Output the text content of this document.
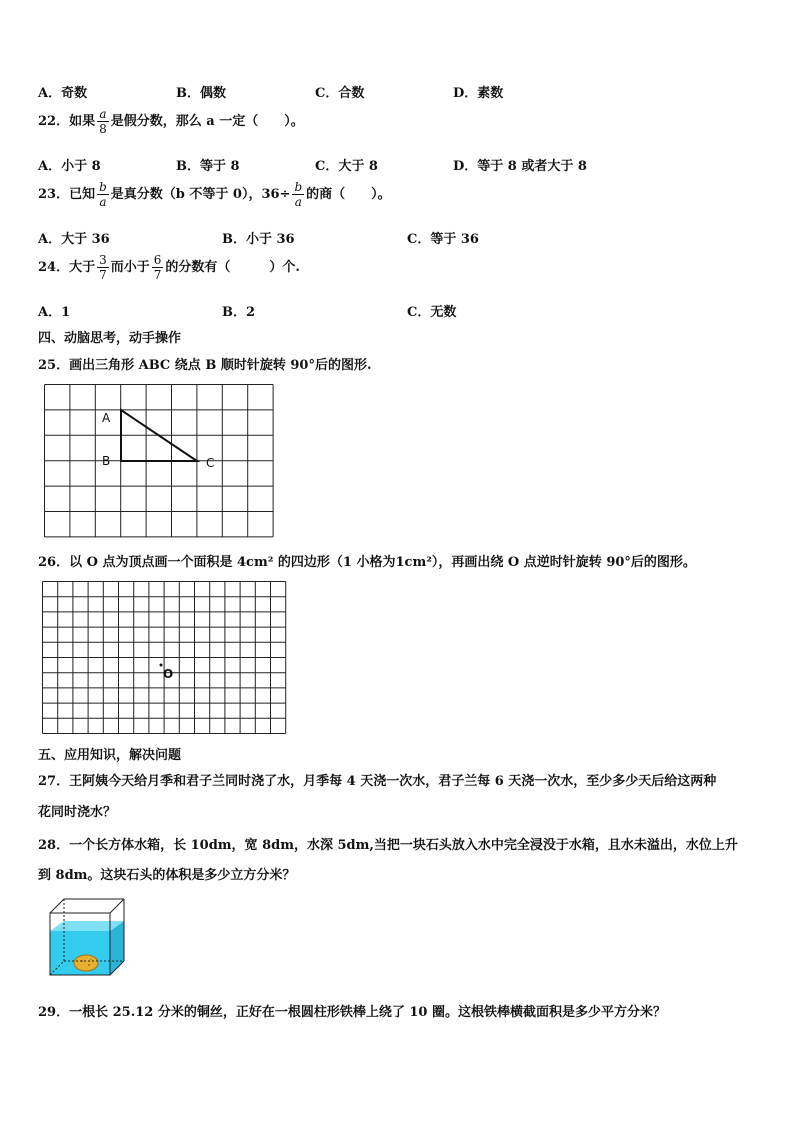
A．奇数	B．偶数	C．合数	D．素数
22．如果 $\frac{a}{8}$ 是假分数，那么 a 一定（　　）。
A．小于 8	B．等于 8	C．大于 8	D．等于 8 或者大于 8
23．已知 $\frac{b}{a}$ 是真分数（b 不等于 0），$36\div \frac{b}{a}$ 的商（　　）。
A．大于 36	B．小于 36	C．等于 36
24．大于 $\frac{3}{7}$ 而小于 $\frac{6}{7}$ 的分数有（　　　）个.
A．1	B．2	C．无数
四、动脑思考，动手操作
25．画出三角形 ABC 绕点 B 顺时针旋转 90°后的图形.
A
B	C
26．以 O 点为顶点画一个面积是 4cm² 的四边形（1 小格为1cm²），再画出绕 O 点逆时针旋转 90°后的图形。
O
五、应用知识，解决问题
27．王阿姨今天给月季和君子兰同时浇了水，月季每 4 天浇一次水，君子兰每 6 天浇一次水，至少多少天后给这两种
花同时浇水？
28．一个长方体水箱，长 10dm，宽 8dm，水深 5dm,当把一块石头放入水中完全浸没于水箱，且水未溢出，水位上升
到 8dm。这块石头的体积是多少立方分米？
29．一根长 25.12 分米的铜丝，正好在一根圆柱形铁棒上绕了 10 圈。这根铁棒横截面积是多少平方分米？
